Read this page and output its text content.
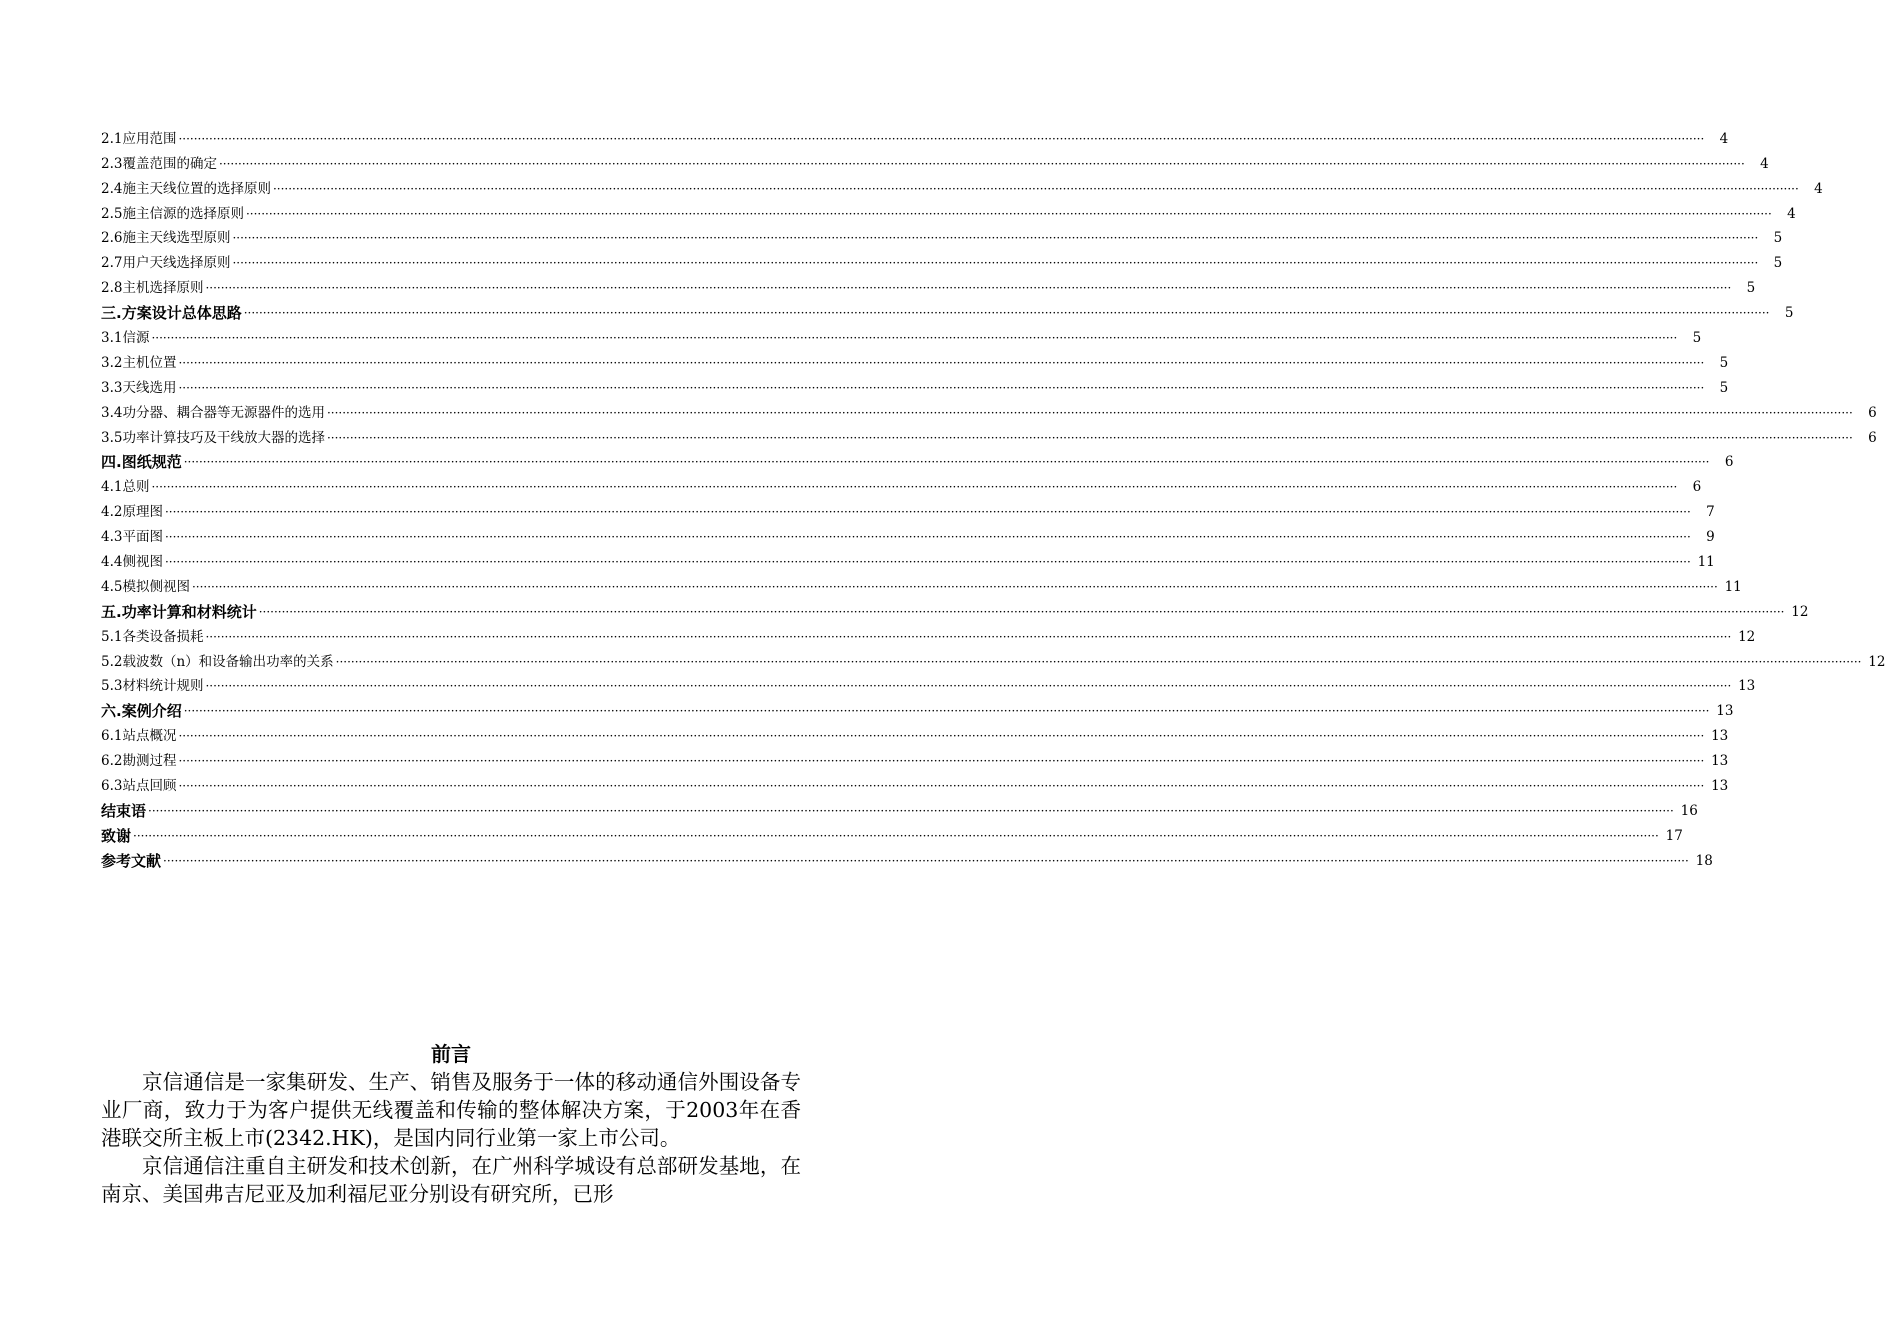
2.1应用范围 ················································································································································································································································································································································································································	4
2.3覆盖范围的确定 ················································································································································································································································································································································································································	4
2.4施主天线位置的选择原则 ················································································································································································································································································································································································································	4
2.5施主信源的选择原则 ················································································································································································································································································································································································································	4
2.6施主天线选型原则 ················································································································································································································································································································································································································	5
2.7用户天线选择原则 ················································································································································································································································································································································································································	5
2.8主机选择原则 ················································································································································································································································································································································································································	5
三.方案设计总体思路 ················································································································································································································································································································································································································	5
3.1信源 ················································································································································································································································································································································································································	5
3.2主机位置 ················································································································································································································································································································································································································	5
3.3天线选用 ················································································································································································································································································································································································································	5
3.4功分器、耦合器等无源器件的选用 ················································································································································································································································································································································································································	6
3.5功率计算技巧及干线放大器的选择 ················································································································································································································································································································································································································	6
四.图纸规范 ················································································································································································································································································································································································································	6
4.1总则 ················································································································································································································································································································································································································	6
4.2原理图 ················································································································································································································································································································································································································	7
4.3平面图 ················································································································································································································································································································································································································	9
4.4侧视图 ················································································································································································································································································································································································································ 11
4.5模拟侧视图 ················································································································································································································································································································································································································ 11
五.功率计算和材料统计 ················································································································································································································································································································································································································ 12
5.1各类设备损耗 ················································································································································································································································································································································································································ 12
5.2载波数（n）和设备输出功率的关系 ················································································································································································································································································································································································································ 12
5.3材料统计规则 ················································································································································································································································································································································································································ 13
六.案例介绍 ················································································································································································································································································································································································································ 13
6.1站点概况 ················································································································································································································································································································································································································ 13
6.2勘测过程 ················································································································································································································································································································································································································ 13
6.3站点回顾 ················································································································································································································································································································································································································ 13
结束语 ················································································································································································································································································································································································································ 16
致谢 ················································································································································································································································································································································································································ 17
参考文献 ················································································································································································································································································································································································································ 18
前言

京信通信是一家集研发、生产、销售及服务于一体的移动通信外围设备专业厂商，致力于为客户提供无线覆盖和传输的整体解决方案，于2003年在香港联交所主板上市(2342.HK)，是国内同行业第一家上市公司。

京信通信注重自主研发和技术创新，在广州科学城设有总部研发基地，在南京、美国弗吉尼亚及加利福尼亚分别设有研究所，已形
